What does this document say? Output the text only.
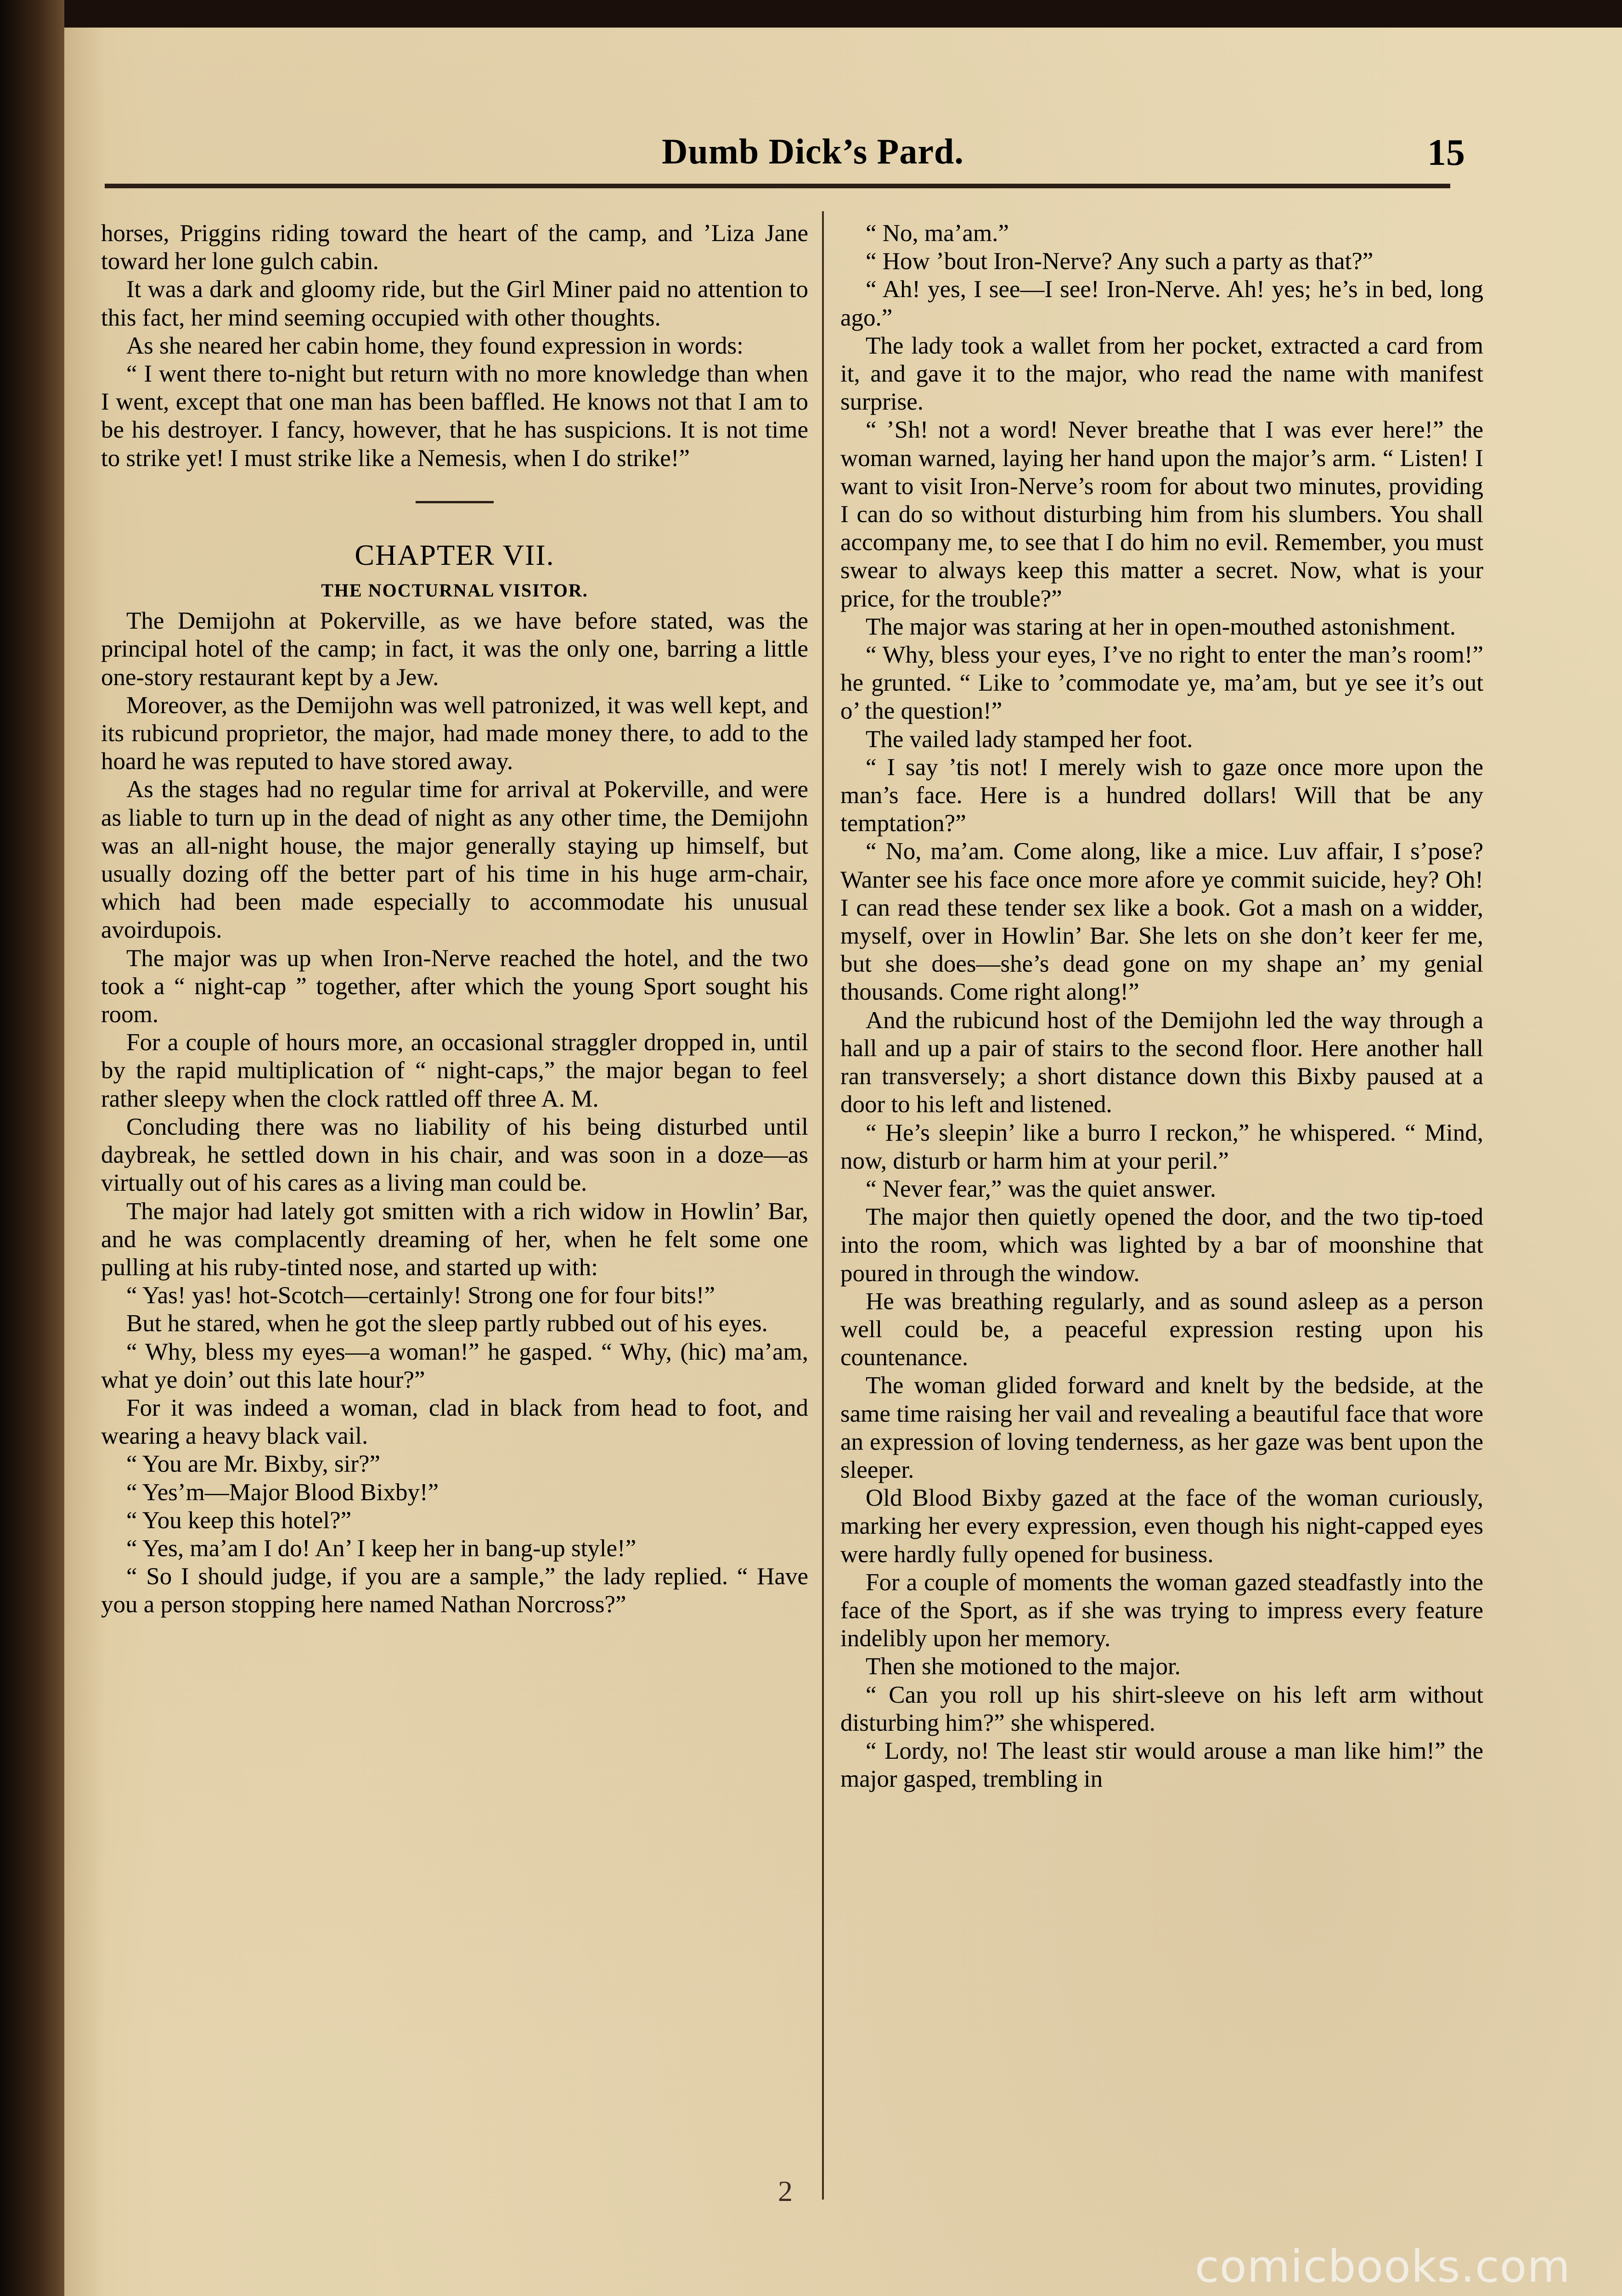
Dumb Dick’s Pard.	15

horses, Priggins riding toward the heart of the camp, and ’Liza Jane toward her lone gulch cabin.

It was a dark and gloomy ride, but the Girl Miner paid no attention to this fact, her mind seeming occupied with other thoughts.

As she neared her cabin home, they found expression in words:

“ I went there to-night but return with no more knowledge than when I went, except that one man has been baffled. He knows not that I am to be his destroyer. I fancy, however, that he has suspicions. It is not time to strike yet! I must strike like a Nemesis, when I do strike!”

CHAPTER VII.
THE NOCTURNAL VISITOR.

The Demijohn at Pokerville, as we have before stated, was the principal hotel of the camp; in fact, it was the only one, barring a little one-story restaurant kept by a Jew.

Moreover, as the Demijohn was well patronized, it was well kept, and its rubicund proprietor, the major, had made money there, to add to the hoard he was reputed to have stored away.

As the stages had no regular time for arrival at Pokerville, and were as liable to turn up in the dead of night as any other time, the Demijohn was an all-night house, the major generally staying up himself, but usually dozing off the better part of his time in his huge arm-chair, which had been made especially to accommodate his unusual avoirdupois.

The major was up when Iron-Nerve reached the hotel, and the two took a “ night-cap ” together, after which the young Sport sought his room.

For a couple of hours more, an occasional straggler dropped in, until by the rapid multiplication of “ night-caps,” the major began to feel rather sleepy when the clock rattled off three A. M.

Concluding there was no liability of his being disturbed until daybreak, he settled down in his chair, and was soon in a doze—as virtually out of his cares as a living man could be.

The major had lately got smitten with a rich widow in Howlin’ Bar, and he was complacently dreaming of her, when he felt some one pulling at his ruby-tinted nose, and started up with:

“ Yas! yas! hot-Scotch—certainly! Strong one for four bits!”

But he stared, when he got the sleep partly rubbed out of his eyes.

“ Why, bless my eyes—a woman!” he gasped. “ Why, (hic) ma’am, what ye doin’ out this late hour?”

For it was indeed a woman, clad in black from head to foot, and wearing a heavy black vail.

“ You are Mr. Bixby, sir?”

“ Yes’m—Major Blood Bixby!”

“ You keep this hotel?”

“ Yes, ma’am I do! An’ I keep her in bang-up style!”

“ So I should judge, if you are a sample,” the lady replied. “ Have you a person stopping here named Nathan Norcross?”

“ No, ma’am.”

“ How ’bout Iron-Nerve? Any such a party as that?”

“ Ah! yes, I see—I see! Iron-Nerve. Ah! yes; he’s in bed, long ago.”

The lady took a wallet from her pocket, extracted a card from it, and gave it to the major, who read the name with manifest surprise.

“ ’Sh! not a word! Never breathe that I was ever here!” the woman warned, laying her hand upon the major’s arm. “ Listen! I want to visit Iron-Nerve’s room for about two minutes, providing I can do so without disturbing him from his slumbers. You shall accompany me, to see that I do him no evil. Remember, you must swear to always keep this matter a secret. Now, what is your price, for the trouble?”

The major was staring at her in open-mouthed astonishment.

“ Why, bless your eyes, I’ve no right to enter the man’s room!” he grunted. “ Like to ’commodate ye, ma’am, but ye see it’s out o’ the question!”

The vailed lady stamped her foot.

“ I say ’tis not! I merely wish to gaze once more upon the man’s face. Here is a hundred dollars! Will that be any temptation?”

“ No, ma’am. Come along, like a mice. Luv affair, I s’pose? Wanter see his face once more afore ye commit suicide, hey? Oh! I can read these tender sex like a book. Got a mash on a widder, myself, over in Howlin’ Bar. She lets on she don’t keer fer me, but she does—she’s dead gone on my shape an’ my genial thousands. Come right along!”

And the rubicund host of the Demijohn led the way through a hall and up a pair of stairs to the second floor. Here another hall ran transversely; a short distance down this Bixby paused at a door to his left and listened.

“ He’s sleepin’ like a burro I reckon,” he whispered. “ Mind, now, disturb or harm him at your peril.”

“ Never fear,” was the quiet answer.

The major then quietly opened the door, and the two tip-toed into the room, which was lighted by a bar of moonshine that poured in through the window.

He was breathing regularly, and as sound asleep as a person well could be, a peaceful expression resting upon his countenance.

The woman glided forward and knelt by the bedside, at the same time raising her vail and revealing a beautiful face that wore an expression of loving tenderness, as her gaze was bent upon the sleeper.

Old Blood Bixby gazed at the face of the woman curiously, marking her every expression, even though his night-capped eyes were hardly fully opened for business.

For a couple of moments the woman gazed steadfastly into the face of the Sport, as if she was trying to impress every feature indelibly upon her memory.

Then she motioned to the major.

“ Can you roll up his shirt-sleeve on his left arm without disturbing him?” she whispered.

“ Lordy, no! The least stir would arouse a man like him!” the major gasped, trembling in

2
comicbooks.com
